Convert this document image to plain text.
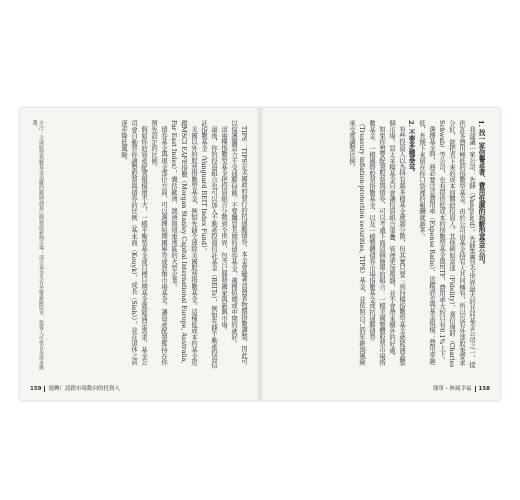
※注：全球股票指數基金追蹤的範圍涵蓋已開發與新興市場；部分基金另有外幣避險版本，投資人可依自身需求挑選。

TIPS：TIPS是美國政府發行的抗通膨債券，本金會隨著消費者物價指數調整，因此可以保護購買力不受通膨侵蝕。不要購買長期的債券基金，選擇短期或中期的就好。

這兩種指數型基金把投資組合分散到全世界，包含已開發國家與新興市場。

最後，你的投資組合也可以加入不動產投資信託基金（REITs），例如先鋒不動產投資信託指數基金（Vanguard REIT Index Fund）。

美國以外的股票指數型基金，例如先鋒全球除美國股票指數基金。這種低成本的基金追蹤MSCI EAFE指數（Morgan Stanley Capital International Europe, Australia, Far East Index），囊括歐洲、澳洲與遠東地區的大型企業。

債券基金與現金部位方面，可以選擇短期國庫券或貨幣市場基金，讓資產配置維持在你預先設定的比例。

假如你的資產配置規模還不大，一檔平衡型基金或目標日期基金就能滿足需求，基金公司會自動替你調整股票與債券的比例（基本面（Kouyk）、成長（Sieb）），並在退休之前逐步降低風險。

159 週轉！認錯市場動向的投資人
1. 找一家信譽卓著、費用低廉的指數型基金公司。

我建議一家公司：先鋒（Vanguard）。先鋒集團是全世界最大的共同基金公司之一，提供許多費用極低的指數型基金。由於公司由基金持有人共同擁有，所以沒有外部股東要求分紅，能把省下來的成本回饋給投資人。其他例如富達（Fidelity）、嘉信理財（Charles Schwab）等公司，也有提供低成本的指數型基金與ETF，費用率大約只有0.1%上下。

選擇基金時，務必要注意費用率（Expense Ratio）、追蹤誤差與基金規模；費用率越低，長期下來留在你口袋裡的報酬就越多。

2. 不要多種基金。

有些投資人以為持有越多檔基金就越分散，但其實只要三到四檔指數型基金就能涵蓋整個市場。買太多檔基金只會讓投資組合重疊、管理更加複雜，並不會帶來額外的好處。

如果你想要配置股票與債券，可以考慮下面這個簡單的組合：一檔美國整體股票市場指數基金、一檔國際股票指數基金，以及一檔整體債券市場指數基金或抗通膨債券（Treasury inflation-protection securities, TIPS）基金，並依照自己的年齡與風險承受度調整比例。

簡單・無痛幸福 158
